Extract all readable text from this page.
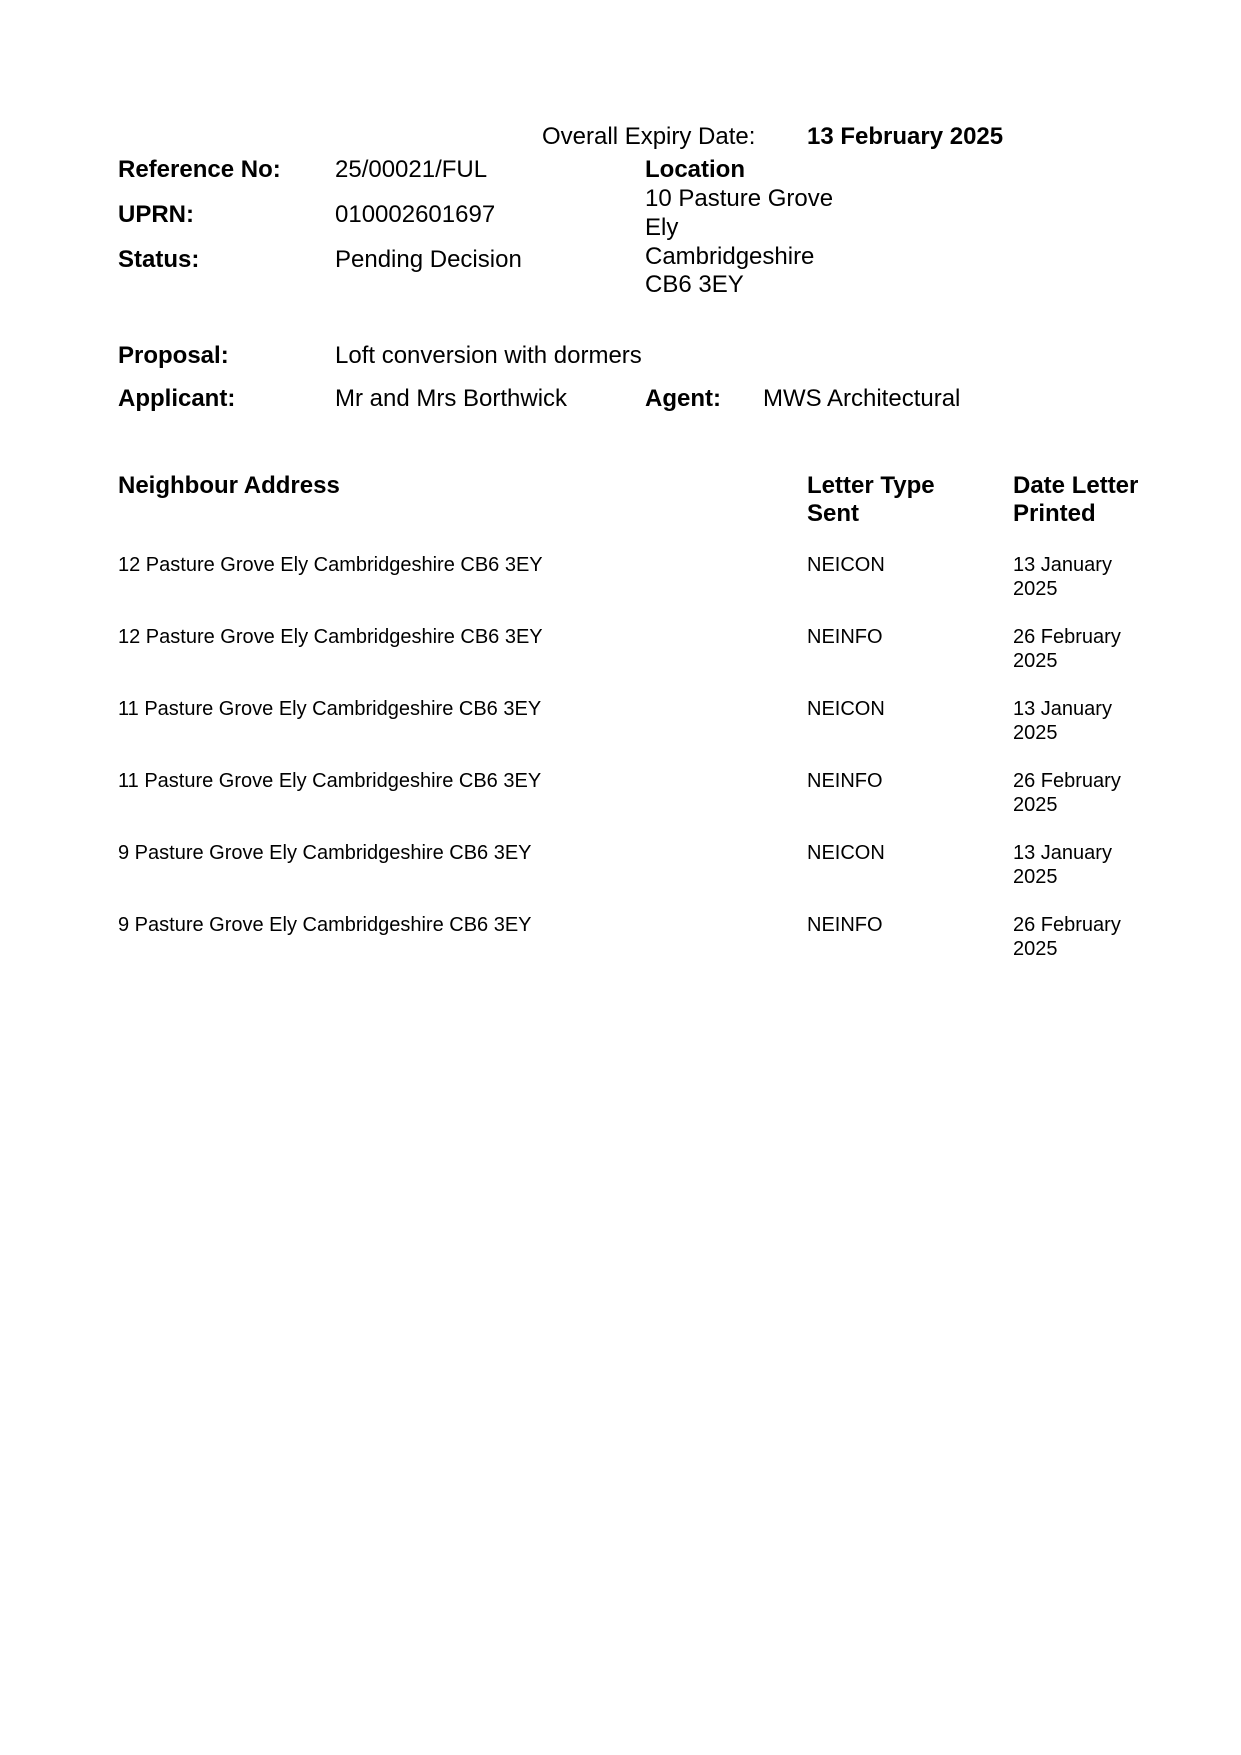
Overall Expiry Date: 13 February 2025
Reference No: 25/00021/FUL
UPRN:	010002601697
Status:	Pending Decision
Location
10 Pasture Grove
Ely
Cambridgeshire
CB6 3EY
Proposal:	Loft conversion with dormers
Applicant:	Mr and Mrs Borthwick	Agent: MWS Architectural
Neighbour Address	Letter Type
Sent
Date Letter
Printed
12 Pasture Grove Ely Cambridgeshire CB6 3EY	NEICON	13 January
2025
12 Pasture Grove Ely Cambridgeshire CB6 3EY	NEINFO	26 February
2025
11 Pasture Grove Ely Cambridgeshire CB6 3EY	NEICON	13 January
2025
11 Pasture Grove Ely Cambridgeshire CB6 3EY	NEINFO	26 February
2025
9 Pasture Grove Ely Cambridgeshire CB6 3EY	NEICON	13 January
2025
9 Pasture Grove Ely Cambridgeshire CB6 3EY	NEINFO	26 February
2025
